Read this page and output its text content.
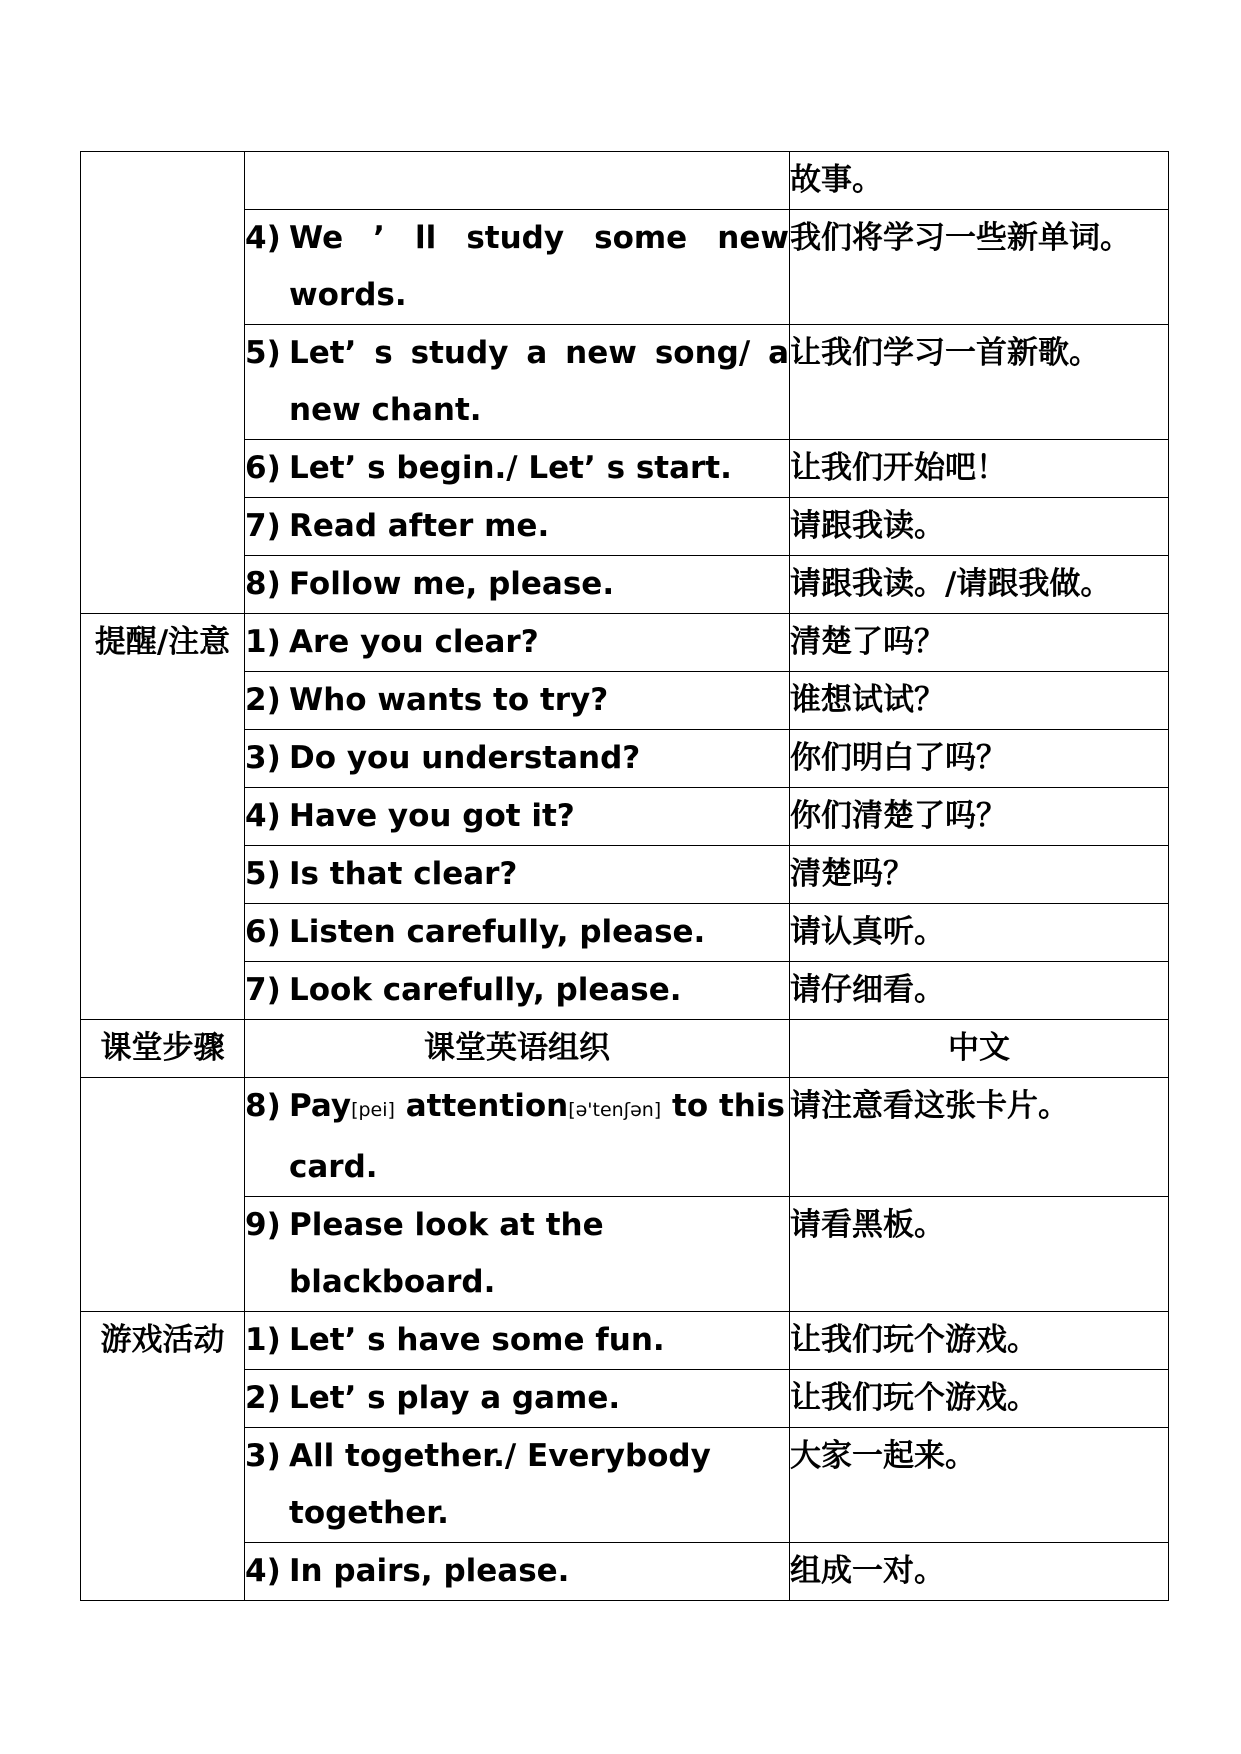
		故事。

	4) We ’ ll study some new words.	我们将学习一些新单词。

	5) Let’ s study a new song/ a new chant.	让我们学习一首新歌。

	6) Let’ s begin./ Let’ s start.	让我们开始吧！

	7) Read after me.	请跟我读。

	8) Follow me, please.	请跟我读。/请跟我做。
提醒/注意	1) Are you clear?	清楚了吗？

	2) Who wants to try?	谁想试试？

	3) Do you understand?	你们明白了吗？

	4) Have you got it?	你们清楚了吗？

	5) Is that clear?	清楚吗？

	6) Listen carefully, please.	请认真听。

	7) Look carefully, please.	请仔细看。
课堂步骤	课堂英语组织	中文

	8) Pay[pei] attention[ə'tenʃən] to this card.	请注意看这张卡片。

	9) Please look at the blackboard.	请看黑板。
游戏活动	1) Let’ s have some fun.	让我们玩个游戏。

	2) Let’ s play a game.	让我们玩个游戏。

	3) All together./ Everybody together.	大家一起来。

	4) In pairs, please.	组成一对。
